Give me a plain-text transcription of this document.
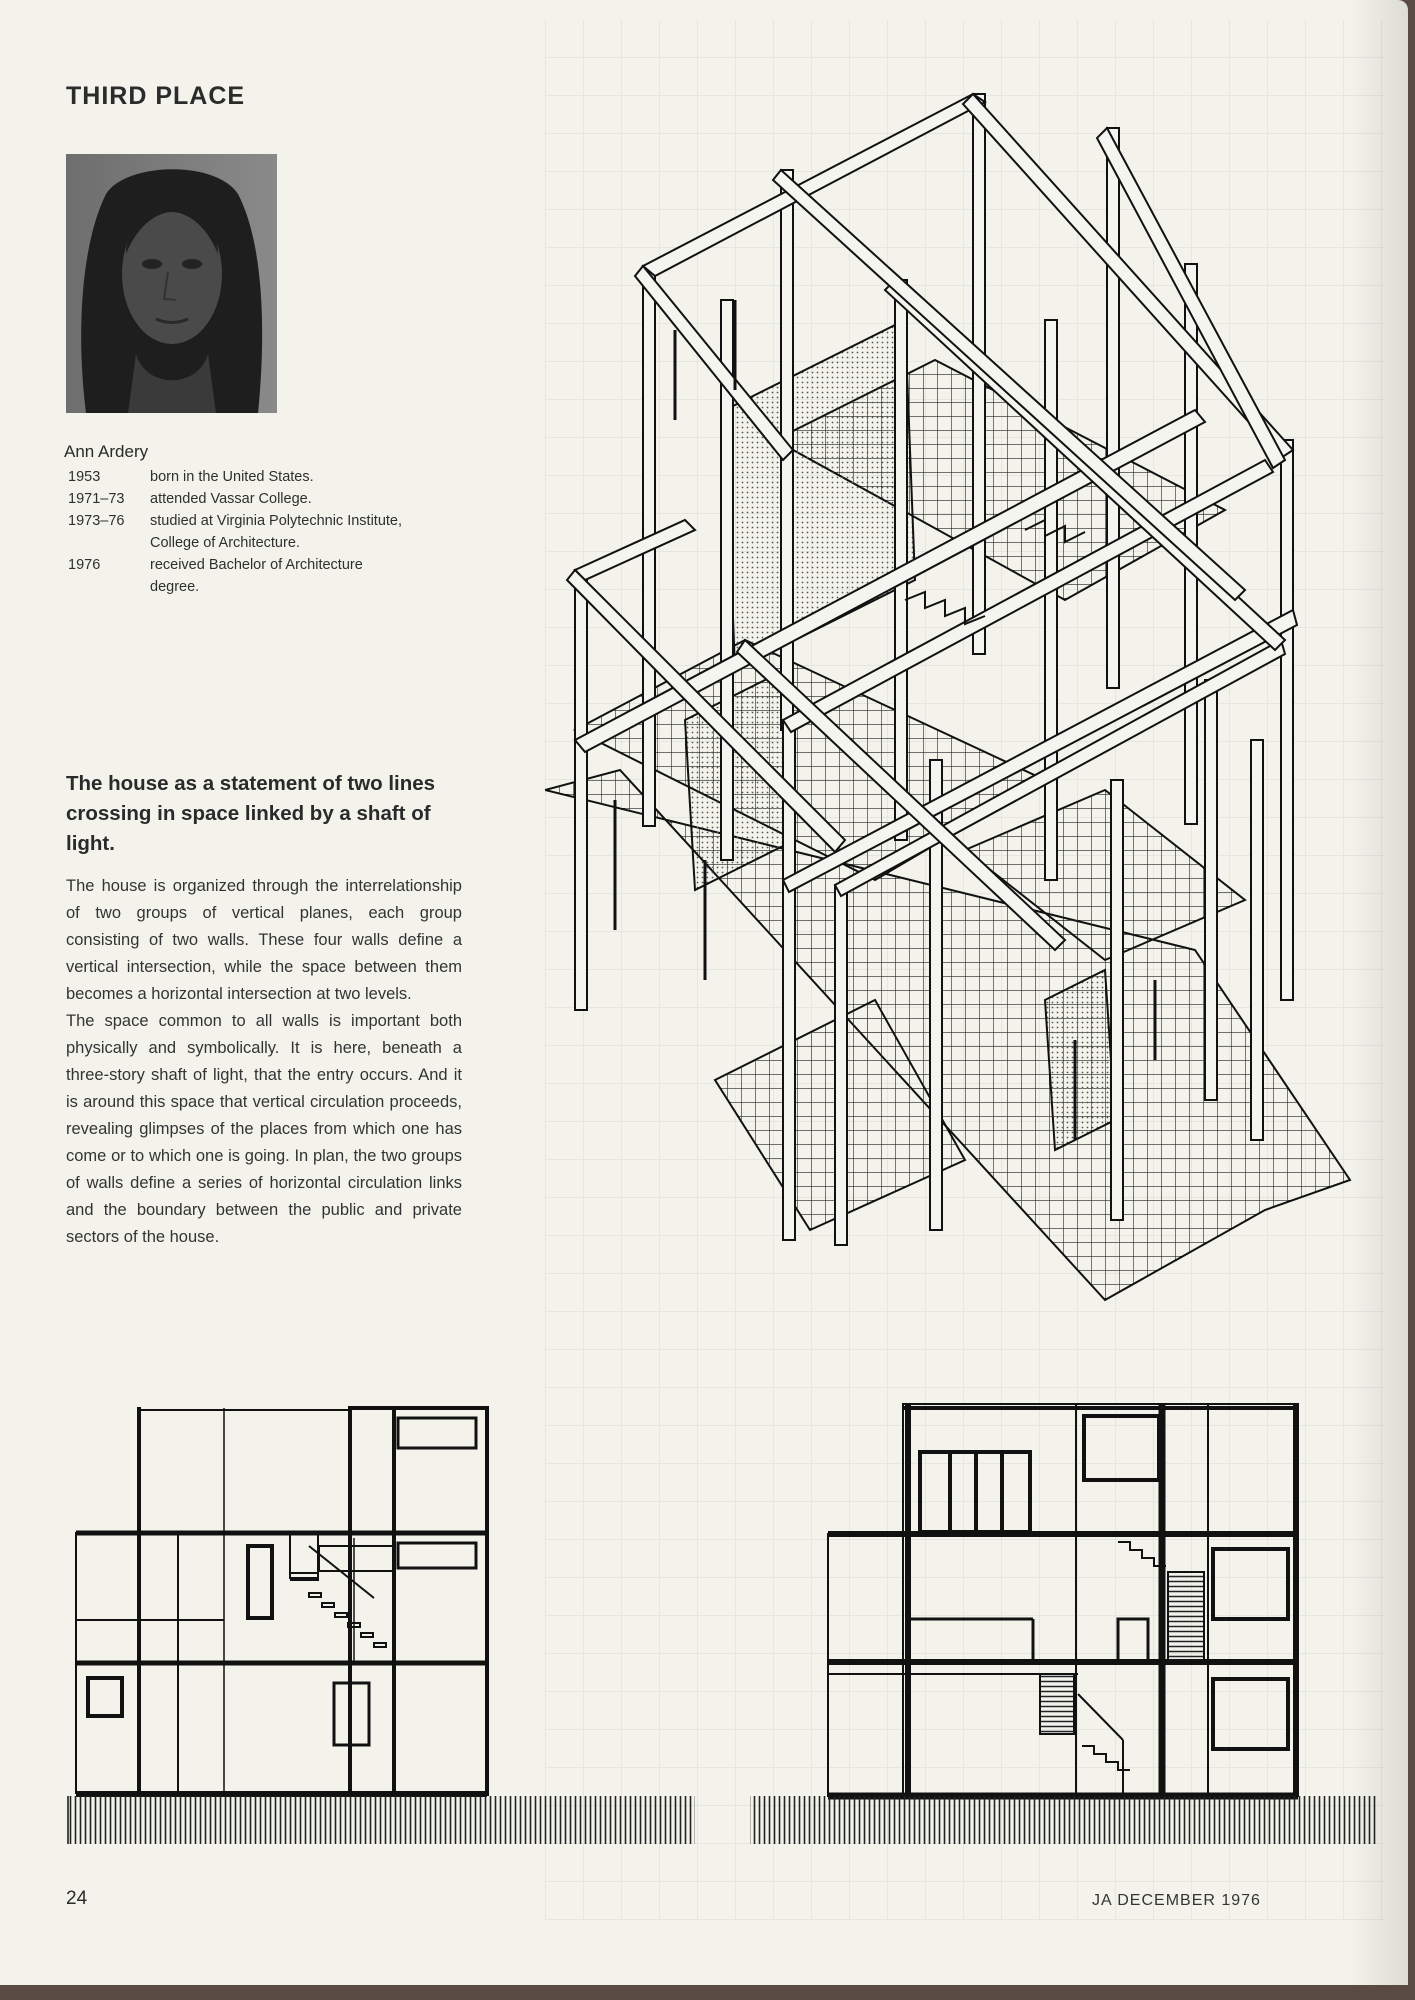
THIRD PLACE
Ann Ardery
1953	born in the United States.
1971–73	attended Vassar College.
1973–76	studied at Virginia Polytechnic Institute, College of Architecture.
1976	received Bachelor of Architecture degree.
The house as a statement of two lines crossing in space linked by a shaft of light.

The house is organized through the interrelationship of two groups of vertical planes, each group consisting of two walls. These four walls define a vertical intersection, while the space between them becomes a horizontal intersection at two levels.

The space common to all walls is important both physically and symbolically. It is here, beneath a three-story shaft of light, that the entry occurs. And it is around this space that vertical circulation proceeds, revealing glimpses of the places from which one has come or to which one is going. In plan, the two groups of walls define a series of horizontal circulation links and the boundary between the public and private sectors of the house.

24	JA DECEMBER 1976
